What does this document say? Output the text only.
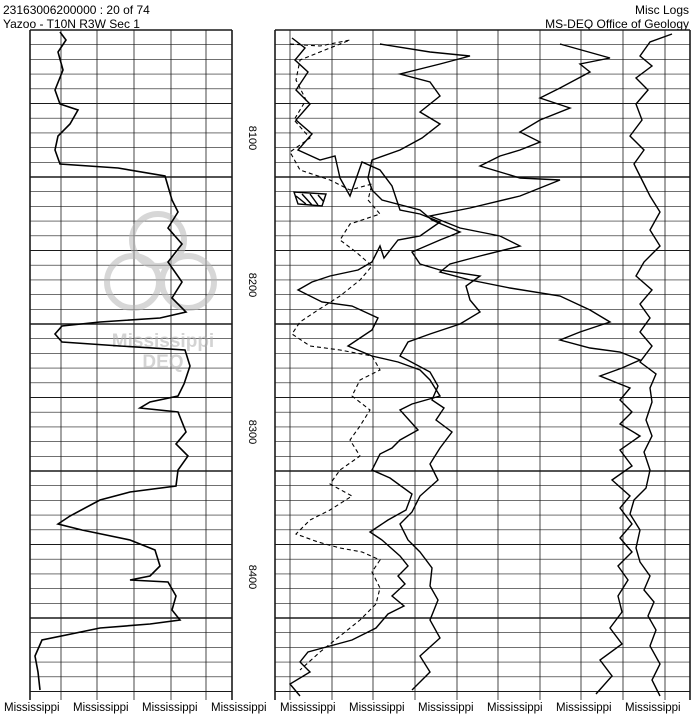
23163006200000 : 20 of 74
Yazoo - T10N R3W Sec 1
Misc Logs
MS-DEQ Office of Geology
8100
8200
8300
8400
Mississippi
DEQ
Mississippi Mississippi Mississippi Mississippi Mississippi Mississippi Mississippi Mississippi Mississippi Mississippi
